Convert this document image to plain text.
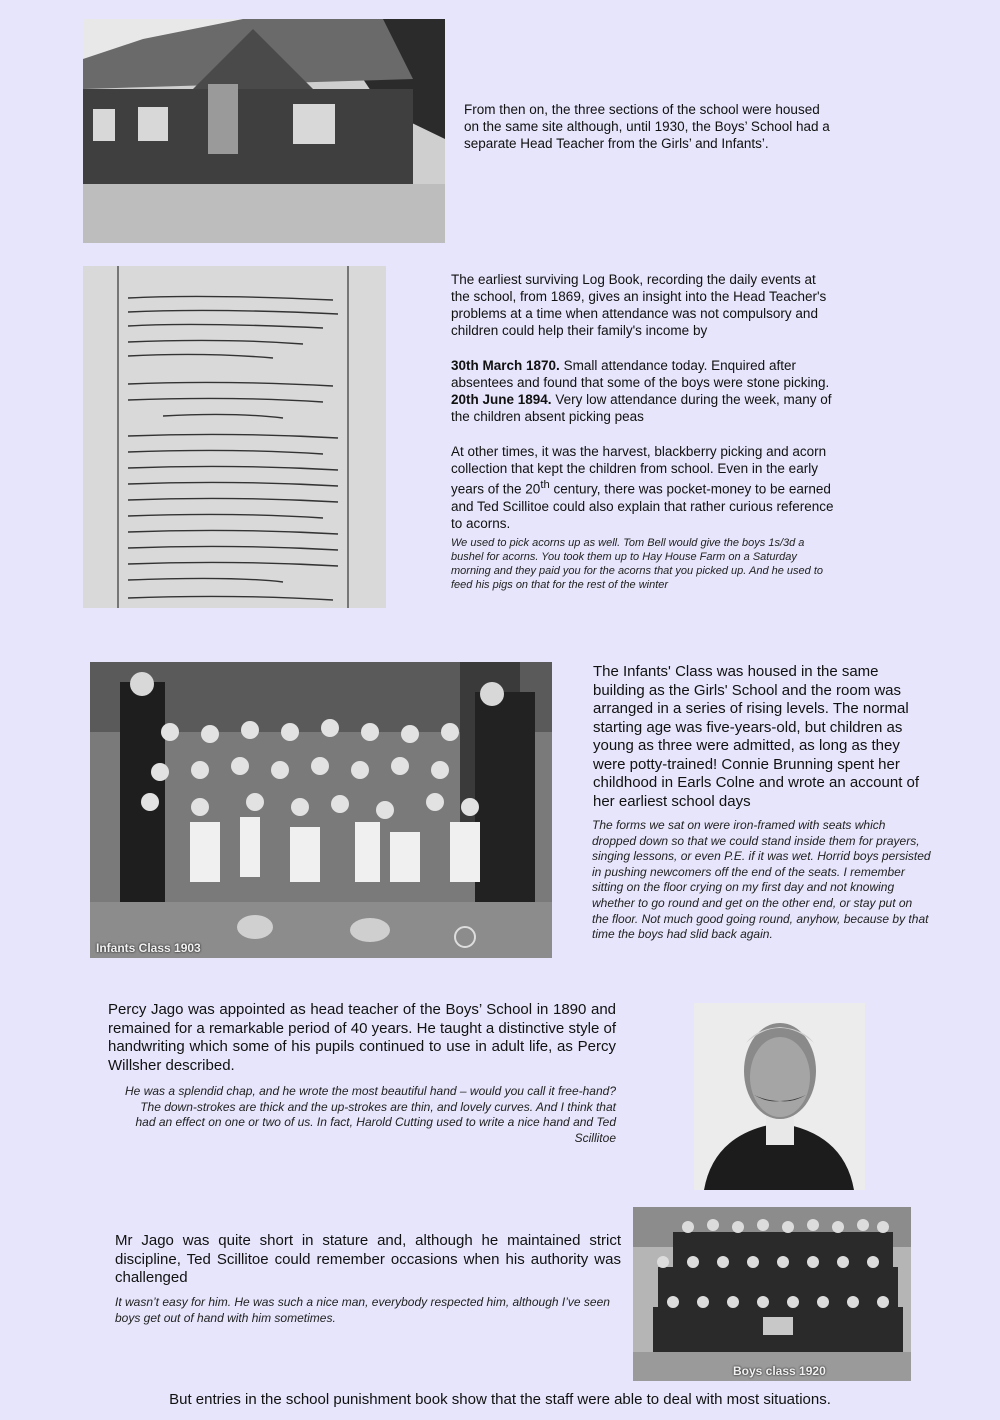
From then on, the three sections of the school were housed on the same site although, until 1930, the Boys’ School had a separate Head Teacher from the Girls’ and Infants’.

The earliest surviving Log Book, recording the daily events at the school, from 1869, gives an insight into the Head Teacher's problems at a time when attendance was not compulsory and children could help their family's income by

30th March 1870. Small attendance today. Enquired after absentees and found that some of the boys were stone picking. 20th June 1894. Very low attendance during the week, many of the children absent picking peas

At other times, it was the harvest, blackberry picking and acorn collection that kept the children from school. Even in the early years of the 20th century, there was pocket-money to be earned and Ted Scillitoe could also explain that rather curious reference to acorns.

We used to pick acorns up as well. Tom Bell would give the boys 1s/3d a bushel for acorns. You took them up to Hay House Farm on a Saturday morning and they paid you for the acorns that you picked up. And he used to feed his pigs on that for the rest of the winter

Infants Class 1903
The Infants' Class was housed in the same building as the Girls' School and the room was arranged in a series of rising levels. The normal starting age was five-years-old, but children as young as three were admitted, as long as they were potty-trained! Connie Brunning spent her childhood in Earls Colne and wrote an account of her earliest school days
The forms we sat on were iron-framed with seats which dropped down so that we could stand inside them for prayers, singing lessons, or even P.E. if it was wet. Horrid boys persisted in pushing newcomers off the end of the seats. I remember sitting on the floor crying on my first day and not knowing whether to go round and get on the other end, or stay put on the floor. Not much good going round, anyhow, because by that time the boys had slid back again.
Percy Jago was appointed as head teacher of the Boys’ School in 1890 and remained for a remarkable period of 40 years. He taught a distinctive style of handwriting which some of his pupils continued to use in adult life, as Percy Willsher described.
He was a splendid chap, and he wrote the most beautiful hand – would you call it free-hand? The down-strokes are thick and the up-strokes are thin, and lovely curves. And I think that had an effect on one or two of us. In fact, Harold Cutting used to write a nice hand and Ted Scillitoe
Mr Jago was quite short in stature and, although he maintained strict discipline, Ted Scillitoe could remember occasions when his authority was challenged
It wasn’t easy for him. He was such a nice man, everybody respected him, although I’ve seen boys get out of hand with him sometimes.
Boys class 1920
But entries in the school punishment book show that the staff were able to deal with most situations.
